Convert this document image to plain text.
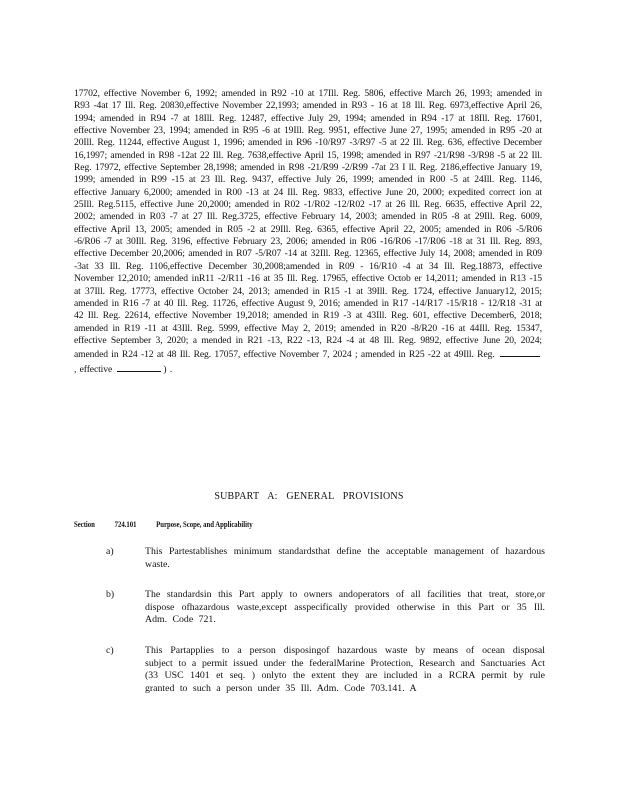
17702, effective November 6, 1992; amended in R92 -10 at 17Ill. Reg. 5806, effective March 26, 1993; amended in R93 -4at 17 Ill. Reg. 20830,effective November 22,1993; amended in R93 - 16 at 18 Ill. Reg. 6973,effective April 26, 1994; amended in R94 -7 at 18Ill. Reg. 12487, effective July 29, 1994; amended in R94 -17 at 18Ill. Reg. 17601, effective November 23, 1994; amended in R95 -6 at 19Ill. Reg. 9951, effective June 27, 1995; amended in R95 -20 at 20Ill. Reg. 11244, effective August 1, 1996; amended in R96 -10/R97 -3/R97 -5 at 22 Ill. Reg. 636, effective December 16,1997; amended in R98 -12at 22 Ill. Reg. 7638,effective April 15, 1998; amended in R97 -21/R98 -3/R98 -5 at 22 Ill. Reg. 17972, effective September 28,1998; amended in R98 -21/R99 -2/R99 -7at 23 I ll. Reg. 2186,effective January 19, 1999; amended in R99 -15 at 23 Ill. Reg. 9437, effective July 26, 1999; amended in R00 -5 at 24Ill. Reg. 1146, effective January 6,2000; amended in R00 -13 at 24 Ill. Reg. 9833, effective June 20, 2000; expedited correct ion at 25Ill. Reg.5115, effective June 20,2000; amended in R02 -1/R02 -12/R02 -17 at 26 Ill. Reg. 6635, effective April 22, 2002; amended in R03 -7 at 27 Ill. Reg.3725, effective February 14, 2003; amended in R05 -8 at 29Ill. Reg. 6009, effective April 13, 2005; amended in R05 -2 at 29Ill. Reg. 6365, effective April 22, 2005; amended in R06 -5/R06 -6/R06 -7 at 30Ill. Reg. 3196, effective February 23, 2006; amended in R06 -16/R06 -17/R06 -18 at 31 Ill. Reg. 893, effective December 20,2006; amended in R07 -5/R07 -14 at 32Ill. Reg. 12365, effective July 14, 2008; amended in R09 -3at 33 Ill. Reg. 1106,effective December 30,2008;amended in R09 - 16/R10 -4 at 34 Ill. Reg.18873, effective November 12,2010; amended inR11 -2/R11 -16 at 35 Ill. Reg. 17965, effective Octob er 14,2011; amended in R13 -15 at 37Ill. Reg. 17773, effective October 24, 2013; amended in R15 -1 at 39Ill. Reg. 1724, effective January12, 2015; amended in R16 -7 at 40 Ill. Reg. 11726, effective August 9, 2016; amended in R17 -14/R17 -15/R18 - 12/R18 -31 at 42 Ill. Reg. 22614, effective November 19,2018; amended in R19 -3 at 43Ill. Reg. 601, effective December6, 2018; amended in R19 -11 at 43Ill. Reg. 5999, effective May 2, 2019; amended in R20 -8/R20 -16 at 44Ill. Reg. 15347, effective September 3, 2020; a mended in R21 -13, R22 -13, R24 -4 at 48 Ill. Reg. 9892, effective June 20, 2024; amended in R24 -12 at 48 Ill. Reg. 17057, effective November 7, 2024 ; amended in R25 -22 at 49Ill. Reg. , effective	) .
SUBPART A: GENERAL PROVISIONS
Section 724.101 Purpose, Scope, and Applicability
a)	This Partestablishes minimum standardsthat define the acceptable management of hazardous waste.
b)	The standardsin this Part apply to owners andoperators of all facilities that treat, store,or dispose ofhazardous waste,except asspecifically provided otherwise in this Part or 35 Ill. Adm. Code 721.
c)	This Partapplies to a person disposingof hazardous waste by means of ocean disposal subject to a permit issued under the federalMarine Protection, Research and Sanctuaries Act (33 USC 1401 et seq. ) onlyto the extent they are included in a RCRA permit by rule granted to such a person under 35 Ill. Adm. Code 703.141. A
